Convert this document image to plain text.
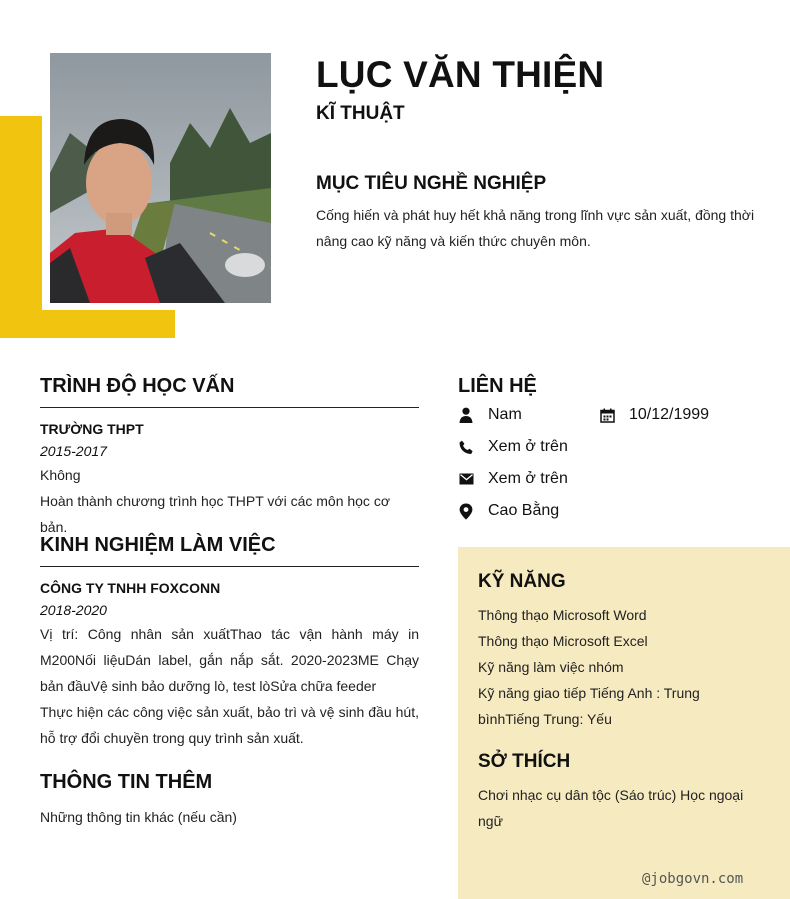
LỤC VĂN THIỆN
KĨ THUẬT
MỤC TIÊU NGHỀ NGHIỆP
Cống hiến và phát huy hết khả năng trong lĩnh vực sản xuất, đồng thời nâng cao kỹ năng và kiến thức chuyên môn.
TRÌNH ĐỘ HỌC VẤN
TRƯỜNG THPT
2015-2017
Không
Hoàn thành chương trình học THPT với các môn học cơ bản.
KINH NGHIỆM LÀM VIỆC
CÔNG TY TNHH FOXCONN
2018-2020
Vị trí: Công nhân sản xuấtThao tác vận hành máy in M200Nối liệuDán label, gắn nắp sắt. 2020-2023ME Chạy bản đầuVệ sinh bảo dưỡng lò, test lòSửa chữa feeder
Thực hiện các công việc sản xuất, bảo trì và vệ sinh đầu hút, hỗ trợ đổi chuyền trong quy trình sản xuất.
THÔNG TIN THÊM
Những thông tin khác (nếu cần)
LIÊN HỆ
Nam	10/12/1999
Xem ở trên
Xem ở trên
Cao Bằng
KỸ NĂNG
Thông thạo Microsoft Word
Thông thạo Microsoft Excel
Kỹ năng làm việc nhóm
Kỹ năng giao tiếp Tiếng Anh : Trung bìnhTiếng Trung: Yếu
SỞ THÍCH
Chơi nhạc cụ dân tộc (Sáo trúc) Học ngoại ngữ
@jobgovn.com
